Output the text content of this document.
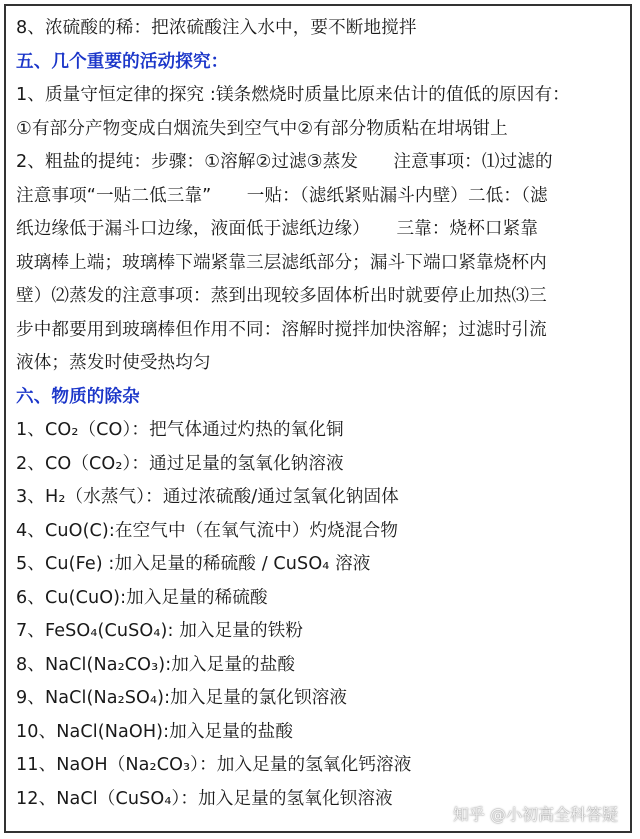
8、浓硫酸的稀：把浓硫酸注入水中，要不断地搅拌
五、几个重要的活动探究：
1、质量守恒定律的探究 :镁条燃烧时质量比原来估计的值低的原因有：
①有部分产物变成白烟流失到空气中②有部分物质粘在坩埚钳上
2、粗盐的提纯：步骤：①溶解②过滤③蒸发　　注意事项：⑴过滤的
注意事项“一贴二低三靠”　　一贴：（滤纸紧贴漏斗内壁）二低：（滤
纸边缘低于漏斗口边缘，液面低于滤纸边缘）　　三靠：烧杯口紧靠
玻璃棒上端；玻璃棒下端紧靠三层滤纸部分；漏斗下端口紧靠烧杯内
壁）⑵蒸发的注意事项：蒸到出现较多固体析出时就要停止加热⑶三
步中都要用到玻璃棒但作用不同：溶解时搅拌加快溶解；过滤时引流
液体；蒸发时使受热均匀
六、物质的除杂
1、CO₂（CO）：把气体通过灼热的氧化铜
2、CO（CO₂）：通过足量的氢氧化钠溶液
3、H₂（水蒸气）：通过浓硫酸/通过氢氧化钠固体
4、CuO(C):在空气中（在氧气流中）灼烧混合物
5、Cu(Fe) :加入足量的稀硫酸 / CuSO₄ 溶液
6、Cu(CuO):加入足量的稀硫酸
7、FeSO₄(CuSO₄): 加入足量的铁粉
8、NaCl(Na₂CO₃):加入足量的盐酸
9、NaCl(Na₂SO₄):加入足量的氯化钡溶液
10、NaCl(NaOH):加入足量的盐酸
11、NaOH（Na₂CO₃）：加入足量的氢氧化钙溶液
12、NaCl（CuSO₄）：加入足量的氢氧化钡溶液
知乎 @小初高全科答疑
